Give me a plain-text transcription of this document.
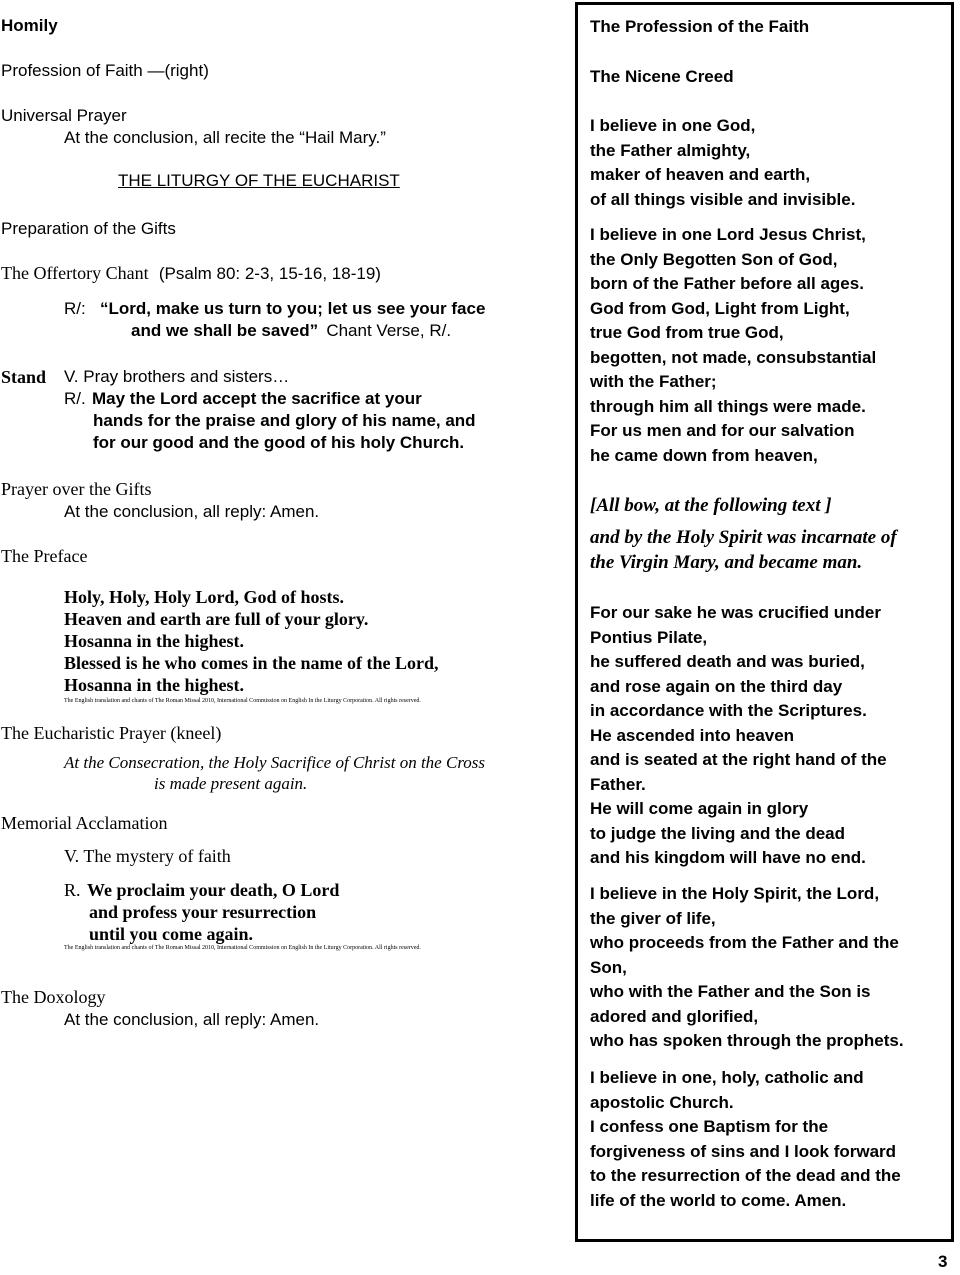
Homily
Profession of Faith —(right)
Universal Prayer
At the conclusion, all recite the “Hail Mary.”
THE LITURGY OF THE EUCHARIST
Preparation of the Gifts
The Offertory Chant (Psalm 80: 2-3, 15-16, 18-19)
R/: “Lord, make us turn to you; let us see your face
and we shall be saved” Chant Verse, R/.
Stand V. Pray brothers and sisters…
R/. May the Lord accept the sacrifice at your
hands for the praise and glory of his name, and
for our good and the good of his holy Church.
Prayer over the Gifts
At the conclusion, all reply: Amen.
The Preface
Holy, Holy, Holy Lord, God of hosts.
Heaven and earth are full of your glory.
Hosanna in the highest.
Blessed is he who comes in the name of the Lord,
Hosanna in the highest.
The English translation and chants of The Roman Missal 2010, International Commission on English In the Liturgy Corporation. All rights reserved.
The Eucharistic Prayer (kneel)
At the Consecration, the Holy Sacrifice of Christ on the Cross
is made present again.
Memorial Acclamation
V. The mystery of faith
R. We proclaim your death, O Lord
and profess your resurrection
until you come again.
The English translation and chants of The Roman Missal 2010, International Commission on English In the Liturgy Corporation. All rights reserved.
The Doxology
At the conclusion, all reply: Amen.
The Profession of the Faith
The Nicene Creed
I believe in one God,
the Father almighty,
maker of heaven and earth,
of all things visible and invisible.
I believe in one Lord Jesus Christ,
the Only Begotten Son of God,
born of the Father before all ages.
God from God, Light from Light,
true God from true God,
begotten, not made, consubstantial
with the Father;
through him all things were made.
For us men and for our salvation
he came down from heaven,
[All bow, at the following text ]
and by the Holy Spirit was incarnate of
the Virgin Mary, and became man.
For our sake he was crucified under
Pontius Pilate,
he suffered death and was buried,
and rose again on the third day
in accordance with the Scriptures.
He ascended into heaven
and is seated at the right hand of the
Father.
He will come again in glory
to judge the living and the dead
and his kingdom will have no end.
I believe in the Holy Spirit, the Lord,
the giver of life,
who proceeds from the Father and the
Son,
who with the Father and the Son is
adored and glorified,
who has spoken through the prophets.
I believe in one, holy, catholic and
apostolic Church.
I confess one Baptism for the
forgiveness of sins and I look forward
to the resurrection of the dead and the
life of the world to come. Amen.
3
